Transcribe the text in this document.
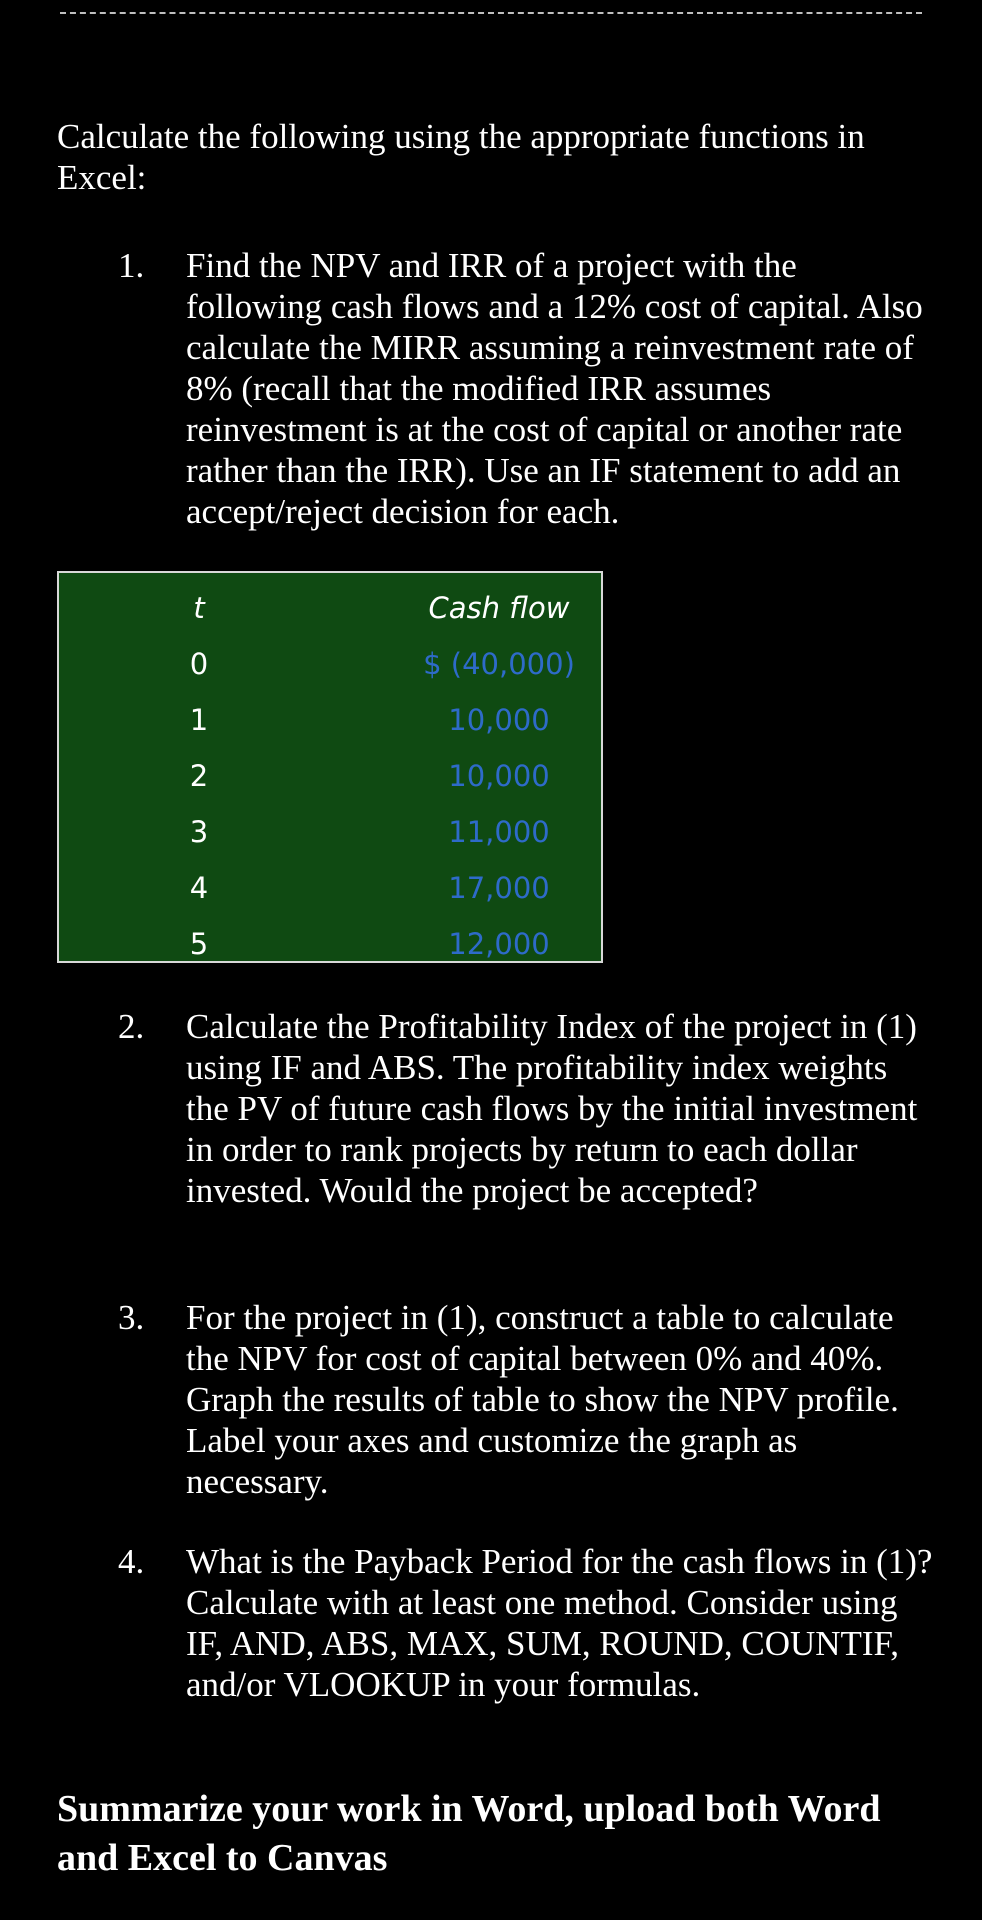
Calculate the following using the appropriate functions in Excel:
1. Find the NPV and IRR of a project with the following cash flows and a 12% cost of capital. Also calculate the MIRR assuming a reinvestment rate of 8% (recall that the modified IRR assumes reinvestment is at the cost of capital or another rate rather than the IRR). Use an IF statement to add an accept/reject decision for each.
t	Cash flow
0	$ (40,000)
1	10,000
2	10,000
3	11,000
4	17,000
5	12,000
2. Calculate the Profitability Index of the project in (1) using IF and ABS. The profitability index weights the PV of future cash flows by the initial investment in order to rank projects by return to each dollar invested. Would the project be accepted?
3. For the project in (1), construct a table to calculate the NPV for cost of capital between 0% and 40%. Graph the results of table to show the NPV profile. Label your axes and customize the graph as necessary.
4. What is the Payback Period for the cash flows in (1)? Calculate with at least one method. Consider using IF, AND, ABS, MAX, SUM, ROUND, COUNTIF, and/or VLOOKUP in your formulas.
Summarize your work in Word, upload both Word and Excel to Canvas
